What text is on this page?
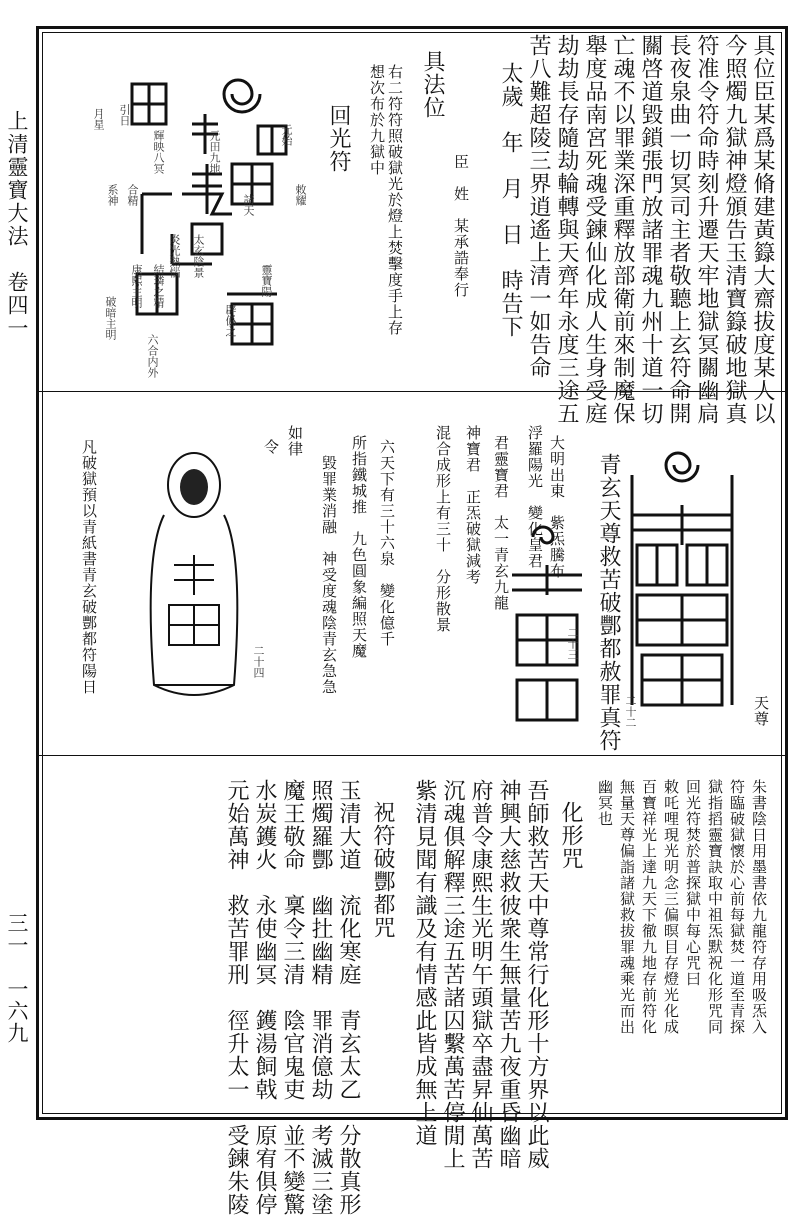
上清靈寶大法　卷四一
三一　一六九
具位臣某爲某脩建黃籙大齋拔度某人以
今照燭九獄神燈頒告玉清寶籙破地獄真
符准令符命時刻升遷天牢地獄冥關幽扃
長夜泉曲一切冥司主者敬聽上玄符命開
關啓道毀鎖張門放諸罪魂九州十道一切
亡魂不以罪業深重釋放部衛前來制魔保
舉度品南宮死魂受鍊仙化成人生身受庭
劫劫長存隨劫輪轉與天齊年永度三途五
苦八難超陵三界逍遙上清一如告命
太歲　年　月　日　時告下
臣　姓　某承誥奉行
具法位
右二符符照破獄光於燈上焚擊度手上存
想次布於九獄中
回光符
元始
敕耀
靈寶陽
諸天
辟僞之
元田九地
太玄陰景
炎光熱惱
輝映八冥
結璘之精
康熙主明
引日
月星
合精
系神
六合内外
破暗主明
二十二
青玄天尊救苦破酆都赦罪真符	天尊
大明出東　紫炁騰布
浮羅陽光　變化皇君
君靈寶君　太一青玄九龍
神寶君　正炁破獄減考
混合成形上有三十　分形散景
六天下有三十六泉　變化億千
所指鐵城推　九色圓象編照天魔
毀罪業消融　神受度魂陰青玄急急
如律
令
二十三
二十四
凡破獄預以青紙書青玄破酆都符陽日
朱書陰日用墨書依九龍符存用吸炁入
符臨破獄懷於心前每獄焚一道至青探
獄指搯靈寶訣取中祖炁默祝化形咒同
回光符焚於普探獄中每心咒曰
敕吒哩現光明念三偏暝目存燈光化成
百寶祥光上達九天下徹九地存前符化
無量天尊偏詣諸獄救拔罪魂乘光而出
幽冥也
化形咒
吾師救苦天中尊常行化形十方界以此威
神興大慈救彼衆生無量苦九夜重昏幽暗
府普令康熙生光明午頭獄卒盡昇仙萬苦
沉魂俱解釋三途五苦諸囚繫萬苦停閒上
紫清見聞有識及有情感此皆成無上道
祝符破酆都咒
玉清大道　流化寒庭　青玄太乙　分散真形
照燭羅酆　幽扗幽精　罪消億劫　考滅三塗
魔王敬命　稟令三清　陰官鬼吏　並不變驚
水炭鑊火　永使幽冥　鑊湯飼戟　原宥俱停
元始萬神　救苦罪刑　徑升太一　受鍊朱陵
